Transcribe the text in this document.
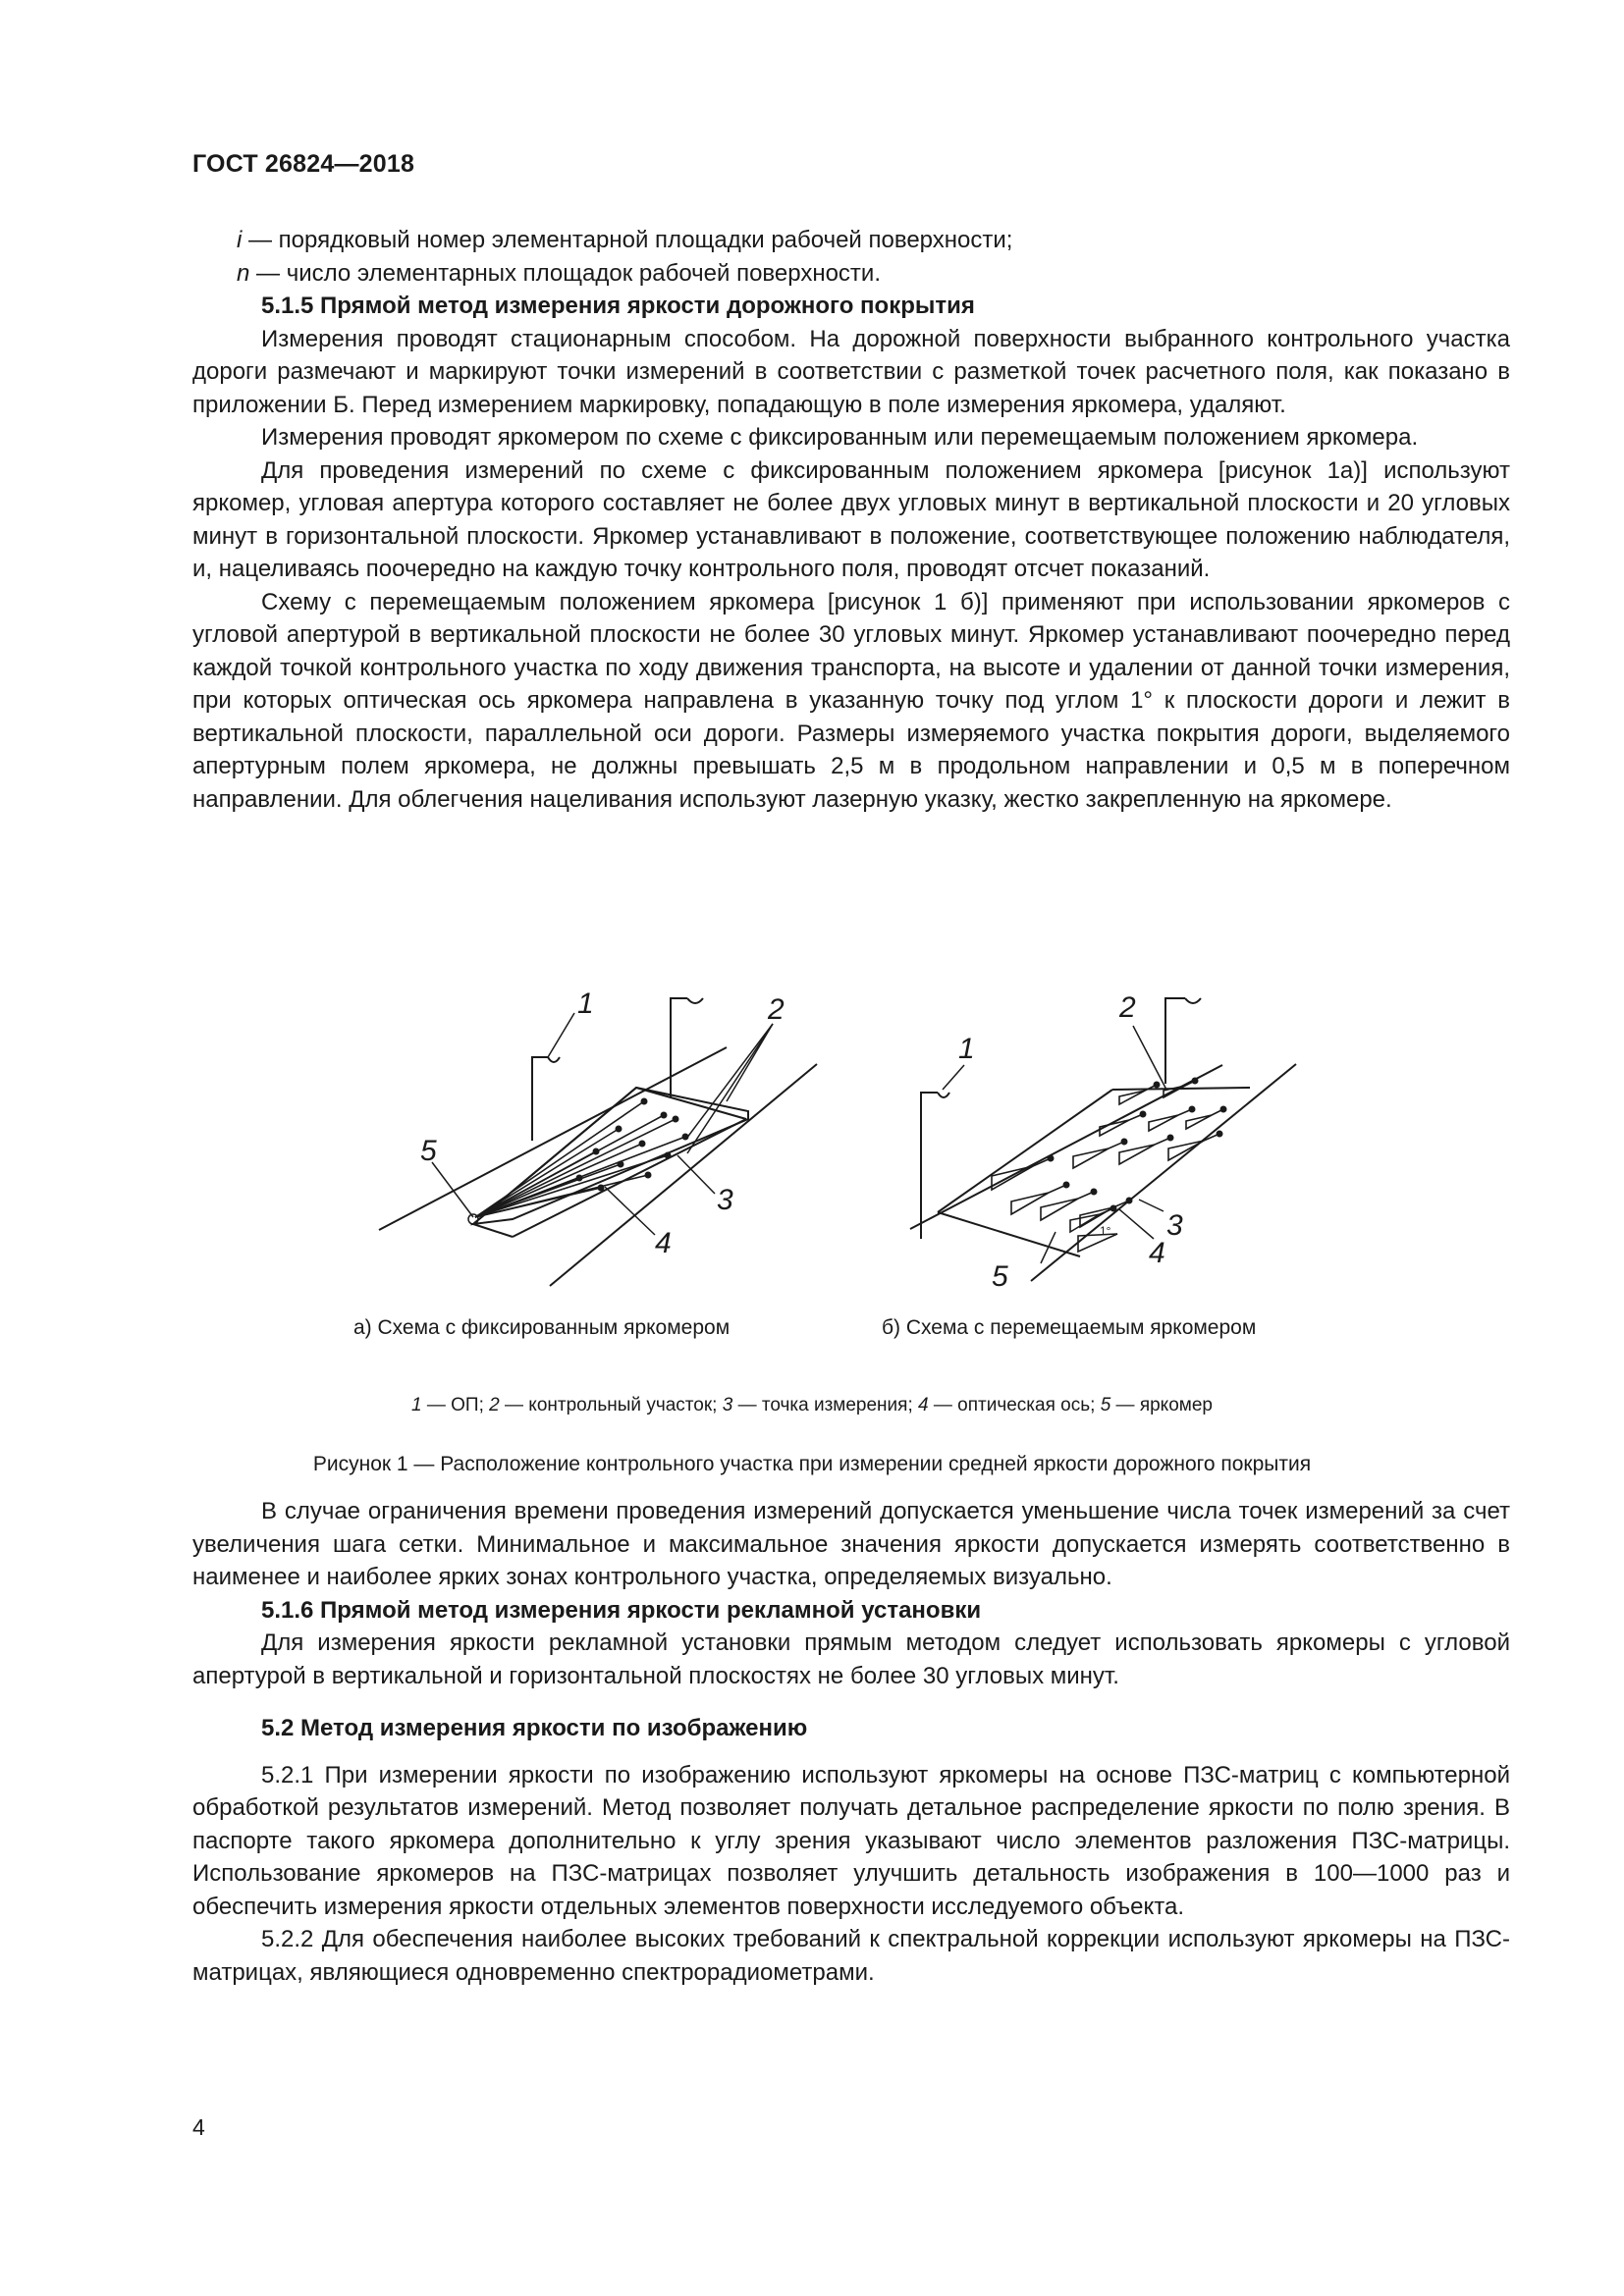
ГОСТ 26824—2018

i — порядковый номер элементарной площадки рабочей поверхности;

n — число элементарных площадок рабочей поверхности.

5.1.5 Прямой метод измерения яркости дорожного покрытия

Измерения проводят стационарным способом. На дорожной поверхности выбранного контрольного участка дороги размечают и маркируют точки измерений в соответствии с разметкой точек расчетного поля, как показано в приложении Б. Перед измерением маркировку, попадающую в поле измерения яркомера, удаляют.

Измерения проводят яркомером по схеме с фиксированным или перемещаемым положением яркомера.

Для проведения измерений по схеме с фиксированным положением яркомера [рисунок 1а)] используют яркомер, угловая апертура которого составляет не более двух угловых минут в вертикальной плоскости и 20 угловых минут в горизонтальной плоскости. Яркомер устанавливают в положение, соответствующее положению наблюдателя, и, нацеливаясь поочередно на каждую точку контрольного поля, проводят отсчет показаний.

Схему с перемещаемым положением яркомера [рисунок 1 б)] применяют при использовании яркомеров с угловой апертурой в вертикальной плоскости не более 30 угловых минут. Яркомер устанавливают поочередно перед каждой точкой контрольного участка по ходу движения транспорта, на высоте и удалении от данной точки измерения, при которых оптическая ось яркомера направлена в указанную точку под углом 1° к плоскости дороги и лежит в вертикальной плоскости, параллельной оси дороги. Размеры измеряемого участка покрытия дороги, выделяемого апертурным полем яркомера, не должны превышать 2,5 м в продольном направлении и 0,5 м в поперечном направлении. Для облегчения нацеливания используют лазерную указку, жестко закрепленную на яркомере.

1	2
3
4
5
1
2
3
4
5
1°
а) Схема с фиксированным яркомером	б) Схема с перемещаемым яркомером
1 — ОП; 2 — контрольный участок; 3 — точка измерения; 4 — оптическая ось; 5 — яркомер
Рисунок 1 — Расположение контрольного участка при измерении средней яркости дорожного покрытия

В случае ограничения времени проведения измерений допускается уменьшение числа точек измерений за счет увеличения шага сетки. Минимальное и максимальное значения яркости допускается измерять соответственно в наименее и наиболее ярких зонах контрольного участка, определяемых визуально.

5.1.6 Прямой метод измерения яркости рекламной установки

Для измерения яркости рекламной установки прямым методом следует использовать яркомеры с угловой апертурой в вертикальной и горизонтальной плоскостях не более 30 угловых минут.

5.2 Метод измерения яркости по изображению

5.2.1 При измерении яркости по изображению используют яркомеры на основе ПЗС-матриц с компьютерной обработкой результатов измерений. Метод позволяет получать детальное распределение яркости по полю зрения. В паспорте такого яркомера дополнительно к углу зрения указывают число элементов разложения ПЗС-матрицы. Использование яркомеров на ПЗС-матрицах позволяет улучшить детальность изображения в 100—1000 раз и обеспечить измерения яркости отдельных элементов поверхности исследуемого объекта.

5.2.2 Для обеспечения наиболее высоких требований к спектральной коррекции используют яркомеры на ПЗС-матрицах, являющиеся одновременно спектрорадиометрами.

4
